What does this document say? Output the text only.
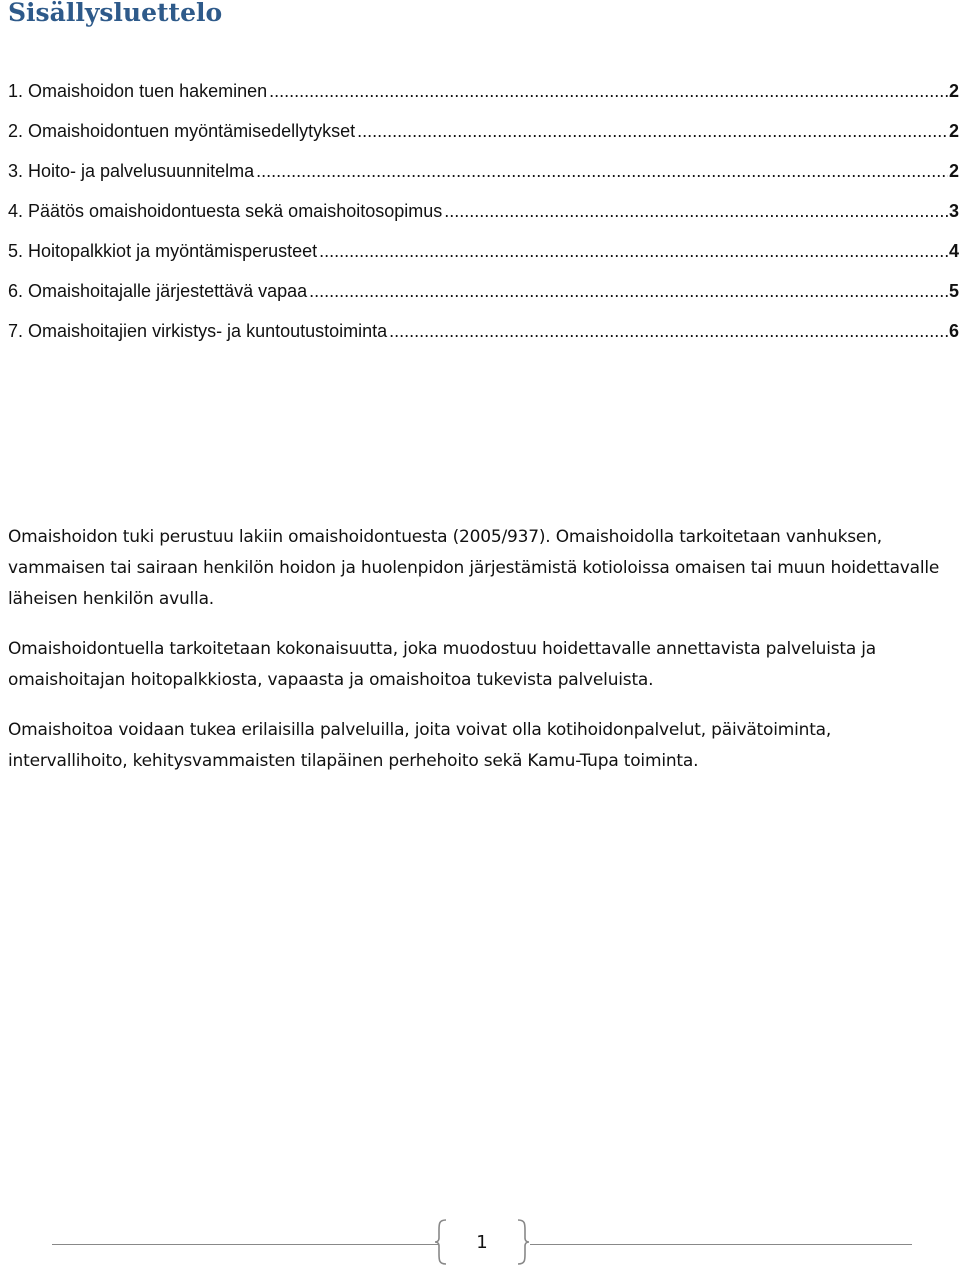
Sisällysluettelo
1. Omaishoidon tuen hakeminen .....	2
2. Omaishoidontuen myöntämisedellytykset .....	2
3. Hoito- ja palvelusuunnitelma .....	2
4. Päätös omaishoidontuesta sekä omaishoitosopimus .....	3
5. Hoitopalkkiot ja myöntämisperusteet .....	4
6. Omaishoitajalle järjestettävä vapaa .....	5
7. Omaishoitajien virkistys- ja kuntoutustoiminta .....	6

Omaishoidon tuki perustuu lakiin omaishoidontuesta (2005/937). Omaishoidolla tarkoitetaan vanhuksen, vammaisen tai sairaan henkilön hoidon ja huolenpidon järjestämistä kotioloissa omaisen tai muun hoidettavalle läheisen henkilön avulla.

Omaishoidontuella tarkoitetaan kokonaisuutta, joka muodostuu hoidettavalle annettavista palveluista ja omaishoitajan hoitopalkkiosta, vapaasta ja omaishoitoa tukevista palveluista.

Omaishoitoa voidaan tukea erilaisilla palveluilla, joita voivat olla kotihoidonpalvelut, päivätoiminta, intervallihoito, kehitysvammaisten tilapäinen perhehoito sekä Kamu-Tupa toiminta.

1
